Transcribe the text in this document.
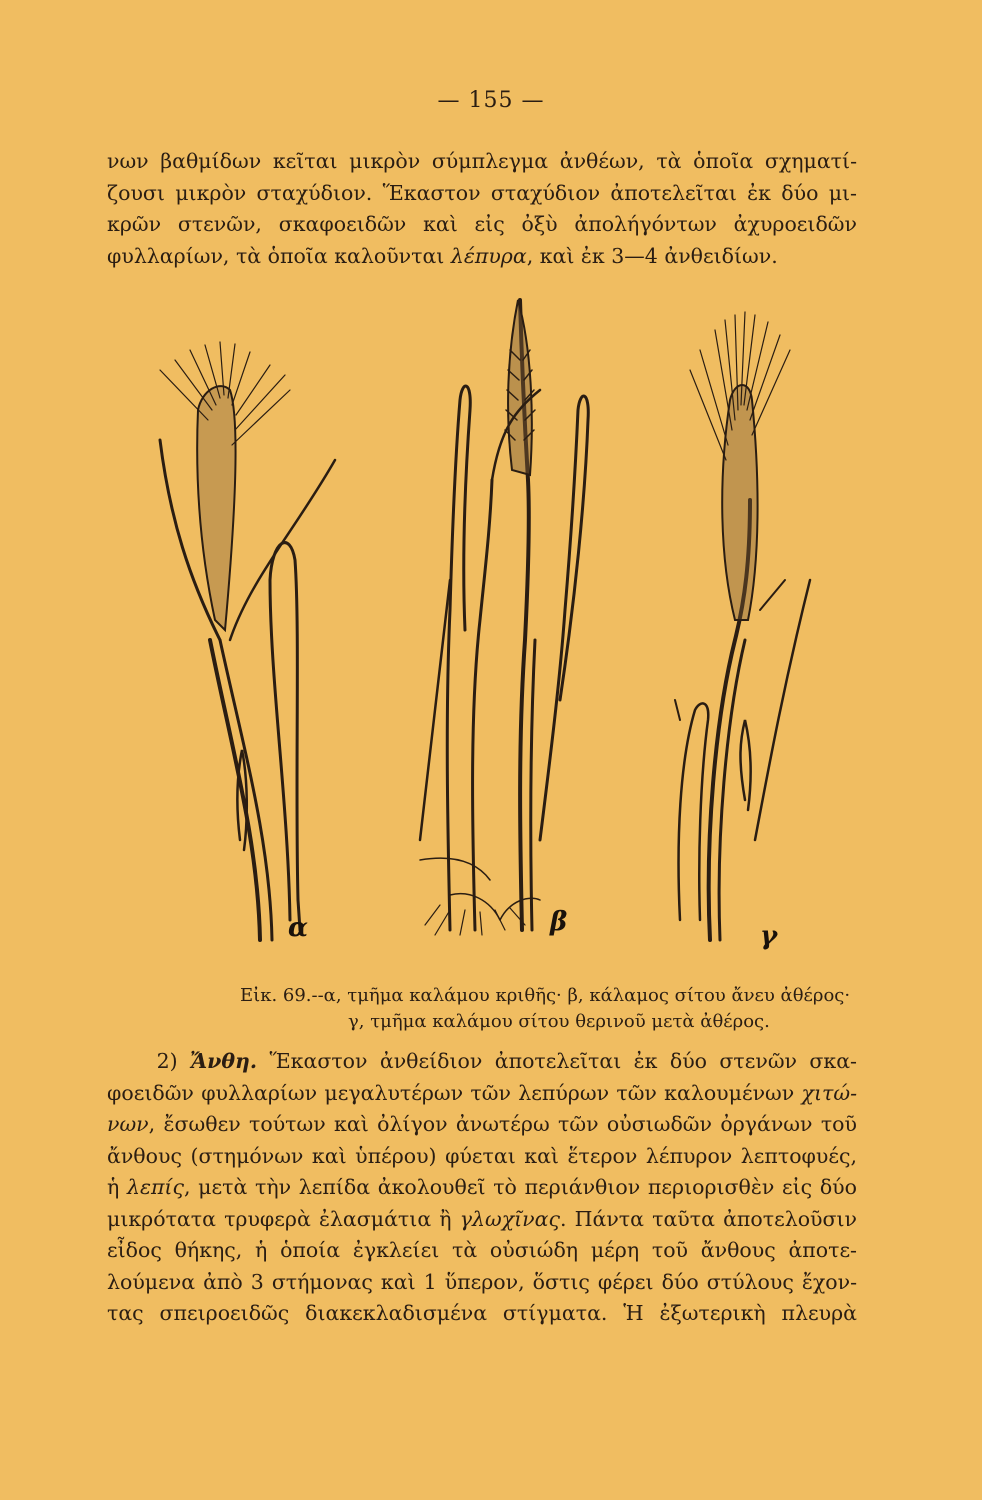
— 155 —
νων βαθμίδων κεῖται μικρὸν σύμπλεγμα ἀνθέων, τὰ ὁποῖα σχηματί-
ζουσι μικρὸν σταχύδιον. Ἕκαστον σταχύδιον ἀποτελεῖται ἐκ δύο μι-
κρῶν στενῶν, σκαφοειδῶν καὶ εἰς ὀξὺ ἀπολήγόντων ἀχυροειδῶν
φυλλαρίων, τὰ ὁποῖα καλοῦνται λέπυρα, καὶ ἐκ 3—4 ἀνθειδίων.
α	β	γ
Εἰκ. 69.--α, τμῆμα καλάμου κριθῆς· β, κάλαμος σίτου ἄνευ ἀθέρος·
γ, τμῆμα καλάμου σίτου θερινοῦ μετὰ ἀθέρος.
2) Ἄνθη. Ἕκαστον ἀνθείδιον ἀποτελεῖται ἐκ δύο στενῶν σκα-
φοειδῶν φυλλαρίων μεγαλυτέρων τῶν λεπύρων τῶν καλουμένων χιτώ-
νων, ἔσωθεν τούτων καὶ ὀλίγον ἀνωτέρω τῶν οὐσιωδῶν ὀργάνων τοῦ
ἄνθους (στημόνων καὶ ὑπέρου) φύεται καὶ ἕτερον λέπυρον λεπτοφυές,
ἡ λεπίς, μετὰ τὴν λεπίδα ἀκολουθεῖ τὸ περιάνθιον περιορισθὲν εἰς δύο
μικρότατα τρυφερὰ ἐλασμάτια ἢ γλωχῖνας. Πάντα ταῦτα ἀποτελοῦσιν
εἶδος θήκης, ἡ ὁποία ἐγκλείει τὰ οὐσιώδη μέρη τοῦ ἄνθους ἀποτε-
λούμενα ἀπὸ 3 στήμονας καὶ 1 ὕπερον, ὅστις φέρει δύο στύλους ἔχον-
τας σπειροειδῶς διακεκλαδισμένα στίγματα. Ἡ ἐξωτερικὴ πλευρὰ
